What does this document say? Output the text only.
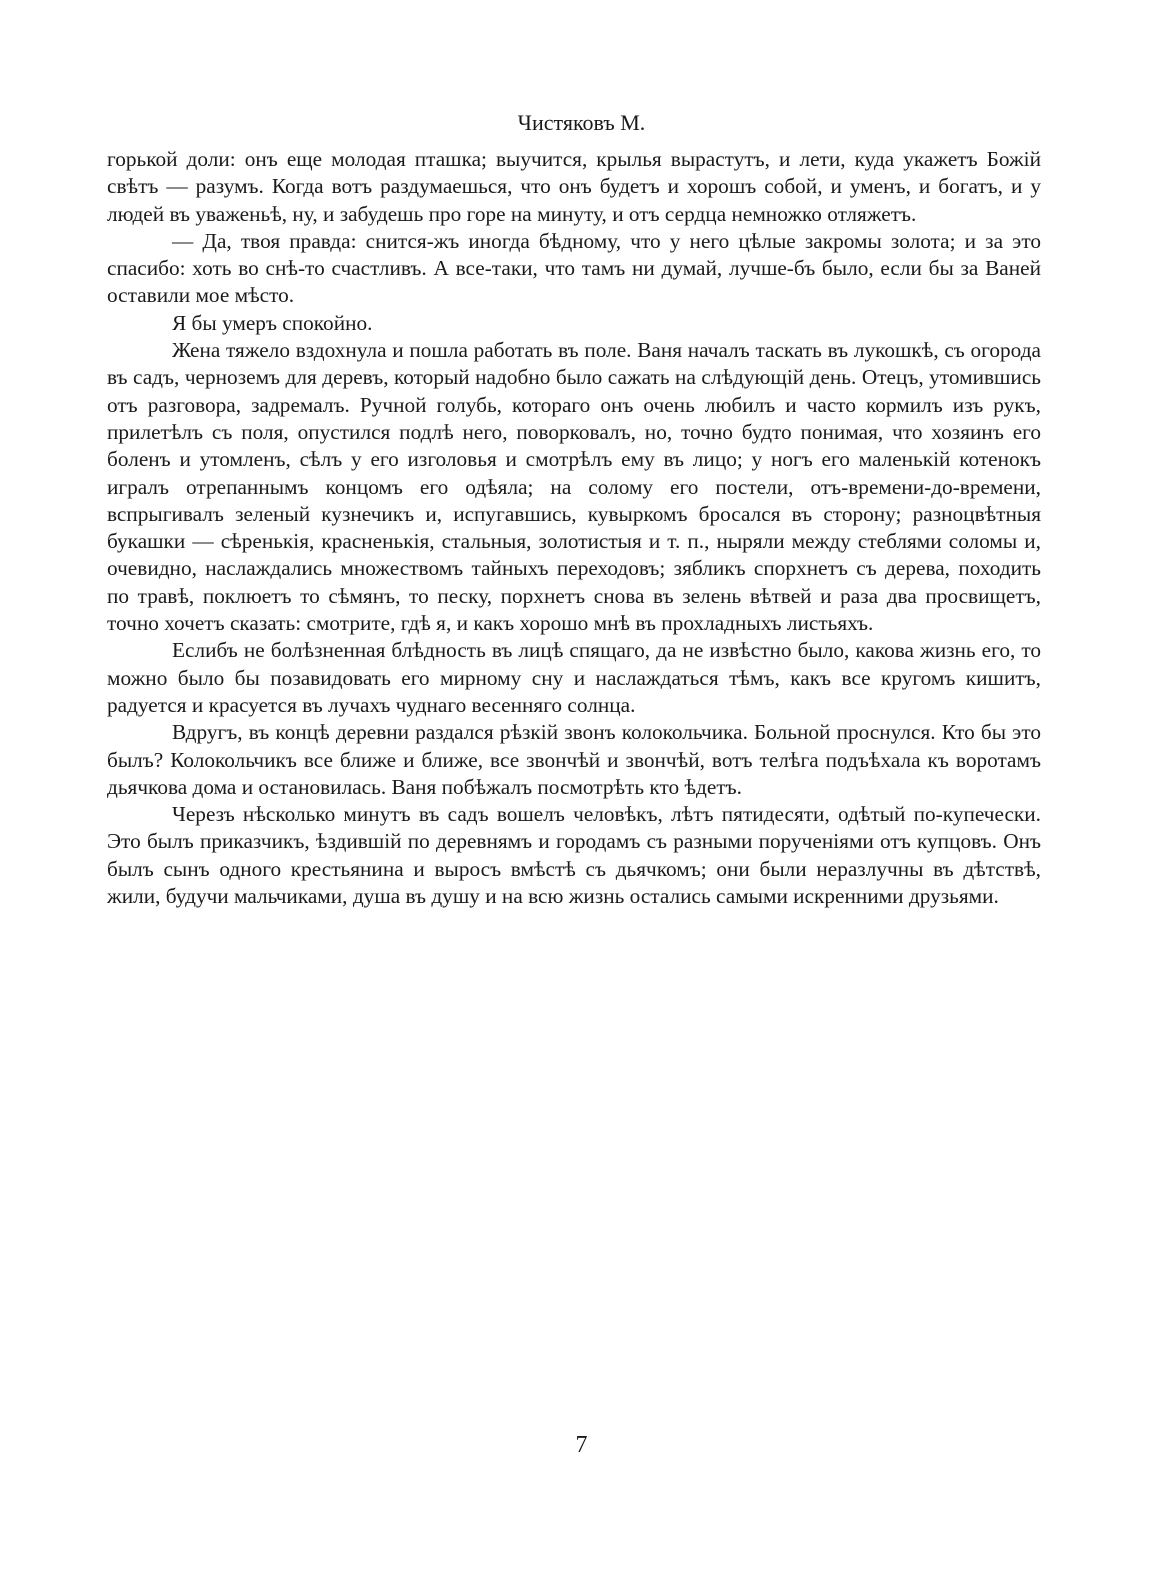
Чистяковъ М.

горькой доли: онъ еще молодая пташка; выучится, крылья вырастутъ, и лети, куда укажетъ Божій свѣтъ — разумъ. Когда вотъ раздумаешься, что онъ будетъ и хорошъ собой, и уменъ, и богатъ, и у людей въ уваженьѣ, ну, и забудешь про горе на минуту, и отъ сердца немножко отляжетъ.

— Да, твоя правда: снится-жъ иногда бѣдному, что у него цѣлые закромы золота; и за это спасибо: хоть во снѣ-то счастливъ. А все-таки, что тамъ ни думай, лучше-бъ было, если бы за Ваней оставили мое мѣсто.

Я бы умеръ спокойно.

Жена тяжело вздохнула и пошла работать въ поле. Ваня началъ таскать въ лукошкѣ, съ огорода въ садъ, черноземъ для деревъ, который надобно было сажать на слѣдующій день. Отецъ, утомившись отъ разговора, задремалъ. Ручной голубь, котораго онъ очень любилъ и часто кормилъ изъ рукъ, прилетѣлъ съ поля, опустился подлѣ него, поворковалъ, но, точно будто понимая, что хозяинъ его боленъ и утомленъ, сѣлъ у его изголовья и смотрѣлъ ему въ лицо; у ногъ его маленькій котенокъ игралъ отрепаннымъ концомъ его одѣяла; на солому его постели, отъ-времени-до-времени, вспрыгивалъ зеленый кузнечикъ и, испугавшись, кувыркомъ бросался въ сторону; разноцвѣтныя букашки — сѣренькія, красненькія, стальныя, золотистыя и т. п., ныряли между стеблями соломы и, очевидно, наслаждались множествомъ тайныхъ переходовъ; зябликъ спорхнетъ съ дерева, походить по травѣ, поклюетъ то сѣмянъ, то песку, порхнетъ снова въ зелень вѣтвей и раза два просвищетъ, точно хочетъ сказать: смотрите, гдѣ я, и какъ хорошо мнѣ въ прохладныхъ листьяхъ.

Еслибъ не болѣзненная блѣдность въ лицѣ спящаго, да не извѣстно было, какова жизнь его, то можно было бы позавидовать его мирному сну и наслаждаться тѣмъ, какъ все кругомъ кишитъ, радуется и красуется въ лучахъ чуднаго весенняго солнца.

Вдругъ, въ концѣ деревни раздался рѣзкій звонъ колокольчика. Больной проснулся. Кто бы это былъ? Колокольчикъ все ближе и ближе, все звончѣй и звончѣй, вотъ телѣга подъѣхала къ воротамъ дьячкова дома и остановилась. Ваня побѣжалъ посмотрѣть кто ѣдетъ.

Черезъ нѣсколько минутъ въ садъ вошелъ человѣкъ, лѣтъ пятидесяти, одѣтый по-купечески. Это былъ приказчикъ, ѣздившій по деревнямъ и городамъ съ разными порученіями отъ купцовъ. Онъ былъ сынъ одного крестьянина и выросъ вмѣстѣ съ дьячкомъ; они были неразлучны въ дѣтствѣ, жили, будучи мальчиками, душа въ душу и на всю жизнь остались самыми искренними друзьями.

7
